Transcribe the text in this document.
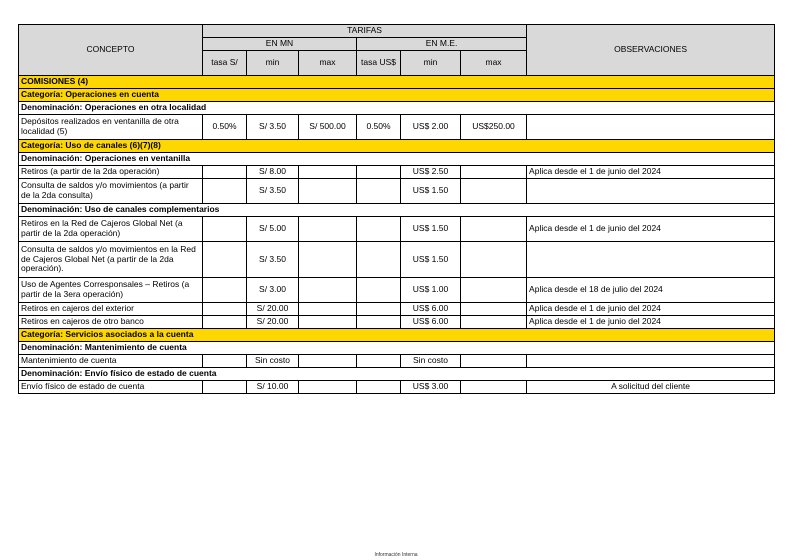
CONCEPTO	TARIFAS						OBSERVACIONES
	EN MN			EN M.E.			
	tasa S/	min	max	tasa US$	min	max	
COMISIONES (4)							
Categoría: Operaciones en cuenta							
Denominación: Operaciones en otra localidad							
Depósitos realizados en ventanilla de otra localidad (5)	0.50%	S/ 3.50	S/ 500.00	0.50%	US$ 2.00	US$250.00	
Categoría: Uso de canales (6)(7)(8)							
Denominación: Operaciones en ventanilla							
Retiros (a partir de la 2da operación)		S/ 8.00			US$ 2.50		Aplica desde el 1 de junio del 2024
Consulta de saldos y/o movimientos (a partir de la 2da consulta)		S/ 3.50			US$ 1.50		
Denominación: Uso de canales complementarios							
Retiros en la Red de Cajeros Global Net (a partir de la 2da operación)		S/ 5.00			US$ 1.50		Aplica desde el 1 de junio del 2024
Consulta de saldos y/o movimientos en la Red de Cajeros Global Net (a partir de la 2da operación).		S/ 3.50			US$ 1.50		
Uso de Agentes Corresponsales – Retiros (a partir de la 3era operación)		S/ 3.00			US$ 1.00		Aplica desde el 18 de julio del 2024
Retiros en cajeros del exterior		S/ 20.00			US$ 6.00		Aplica desde el 1 de junio del 2024
Retiros en cajeros de otro banco		S/ 20.00			US$ 6.00		Aplica desde el 1 de junio del 2024
Categoría: Servicios asociados a la cuenta							
Denominación: Mantenimiento de cuenta							
Mantenimiento de cuenta		Sin costo			Sin costo		
Denominación: Envío físico de estado de cuenta							
Envío físico de estado de cuenta		S/ 10.00			US$ 3.00		A solicitud del cliente
Información Interna
